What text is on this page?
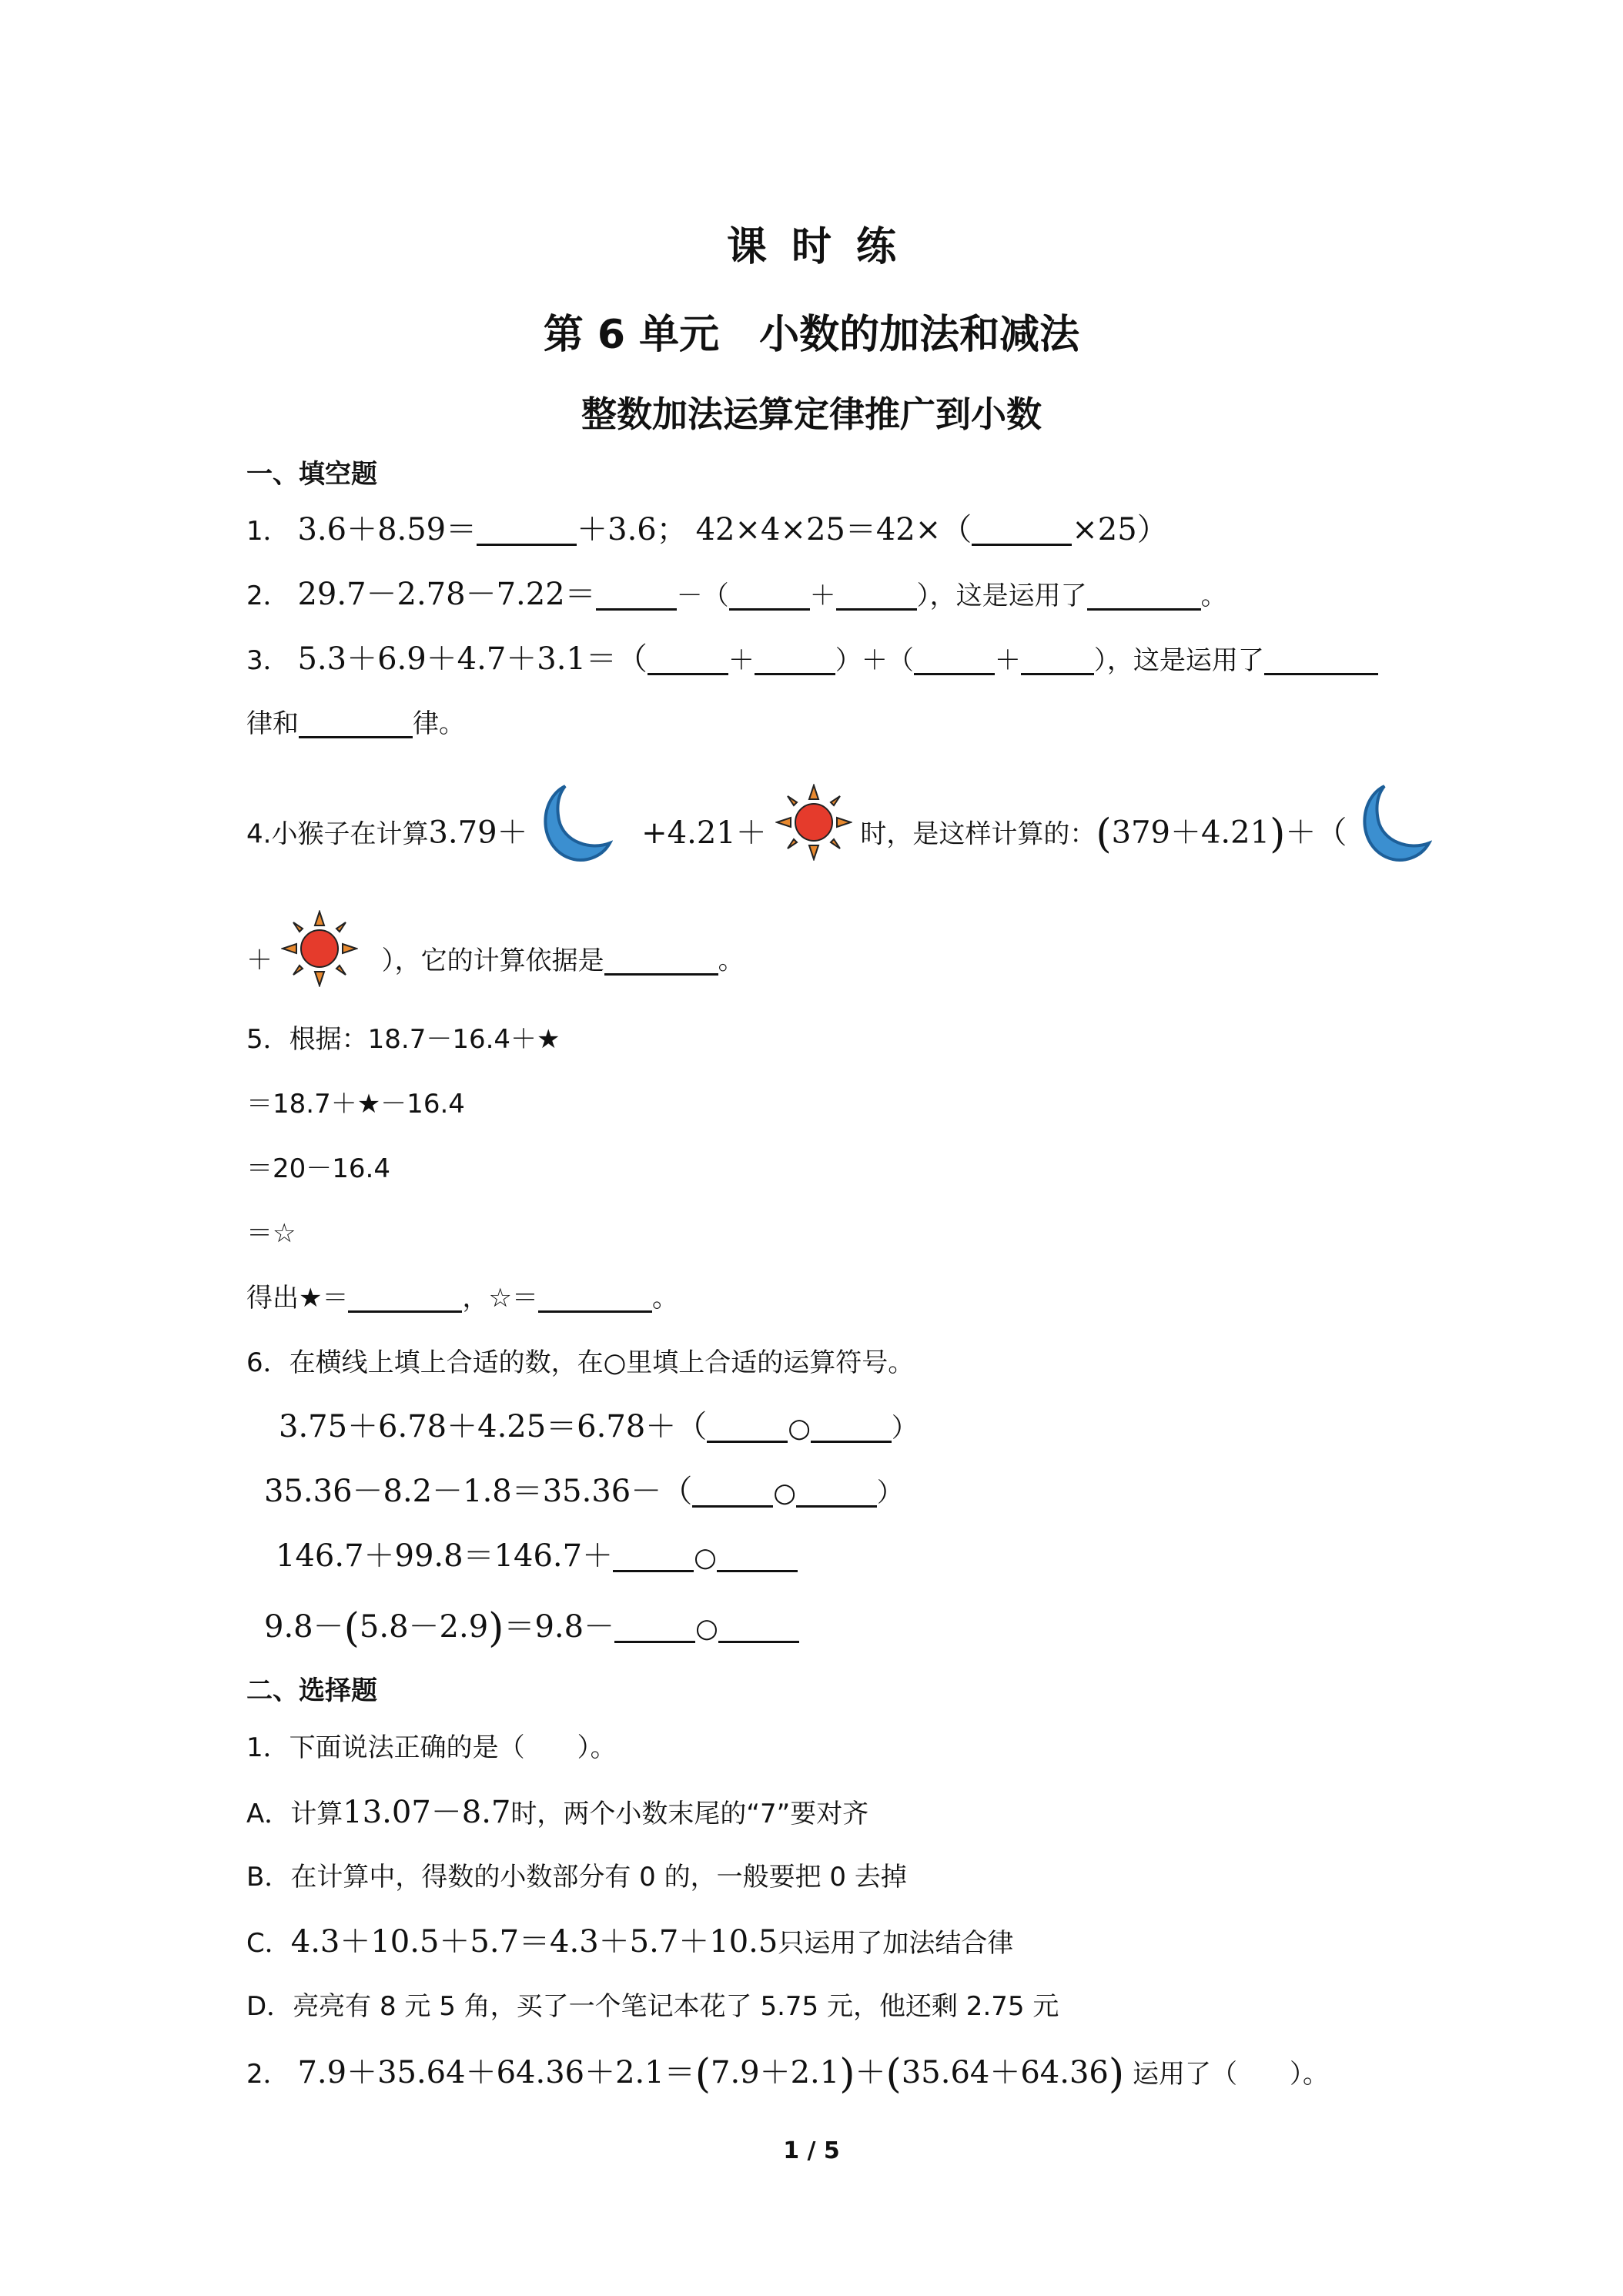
课时练
第 6 单元　小数的加法和减法
整数加法运算定律推广到小数
一、填空题
1． 3.6＋8.59＝	＋3.6； 42×4×25＝42×（	×25）
2． 29.7－2.78－7.22＝	－（	＋	），这是运用了	。
3． 5.3＋6.9＋4.7＋3.1＝（	＋	）＋（	＋	），这是运用了
律和	律。
4.小猴子在计算3.79＋	+4.21＋	时，是这样计算的：(379＋4.21)＋（
＋	），它的计算依据是	。
5．根据：18.7－16.4＋★
＝18.7＋★－16.4
＝20－16.4
＝☆
得出★＝	，☆＝	。
6．在横线上填上合适的数，在○里填上合适的运算符号。
3.75＋6.78＋4.25＝6.78＋（	○	）
35.36－8.2－1.8＝35.36－（	○	）
146.7＋99.8＝146.7＋	○
9.8－(5.8－2.9)＝9.8－	○
二、选择题
1．下面说法正确的是（　　）。
A．计算13.07－8.7时，两个小数末尾的“7”要对齐
B．在计算中，得数的小数部分有 0 的，一般要把 0 去掉
C．4.3＋10.5＋5.7＝4.3＋5.7＋10.5只运用了加法结合律
D．亮亮有 8 元 5 角，买了一个笔记本花了 5.75 元，他还剩 2.75 元
2． 7.9＋35.64＋64.36＋2.1＝(7.9＋2.1)＋(35.64＋64.36) 运用了（　　）。
1 / 5
